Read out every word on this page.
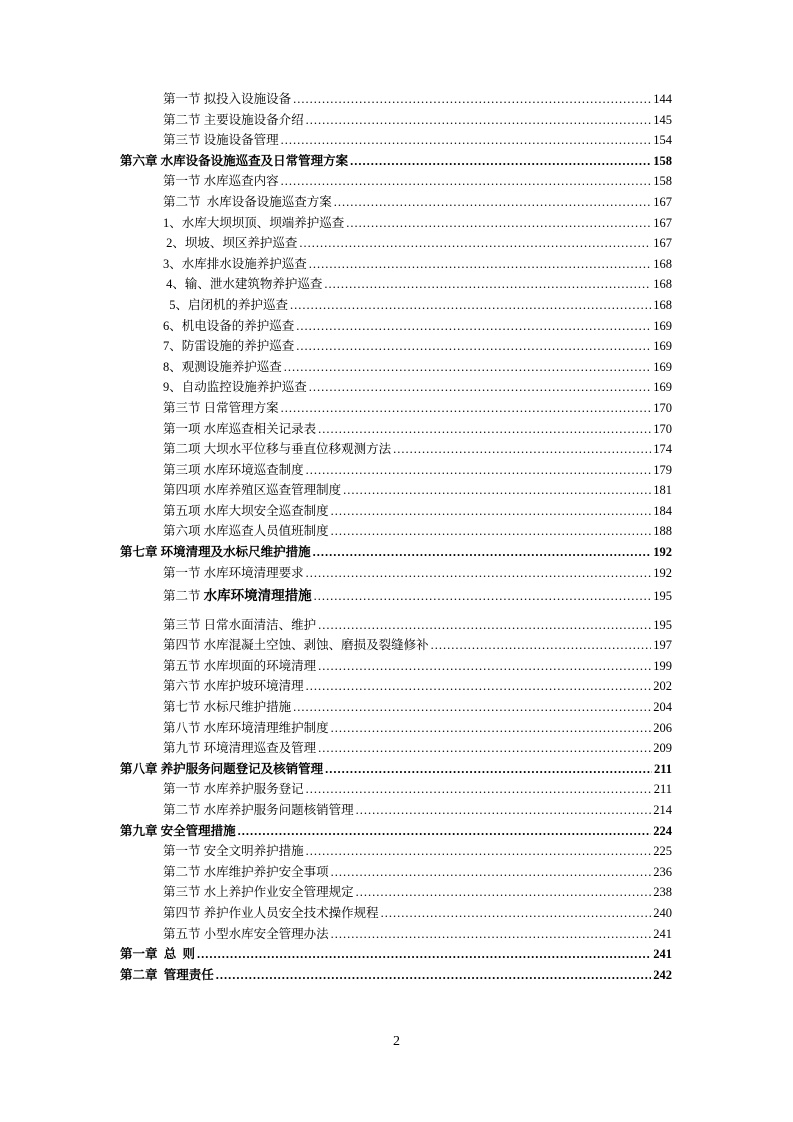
第一节 拟投入设施设备 .....	144
第二节 主要设施设备介绍 .....	145
第三节 设施设备管理 .....	154
第六章 水库设备设施巡查及日常管理方案 .....	158
第一节 水库巡查内容 .....	158
第二节  水库设备设施巡查方案 .....	167
1、水库大坝坝顶、坝端养护巡查 .....	167
2、坝坡、坝区养护巡查 .....	167
3、水库排水设施养护巡查 .....	168
4、输、泄水建筑物养护巡查 .....	168
5、启闭机的养护巡查 .....	168
6、机电设备的养护巡查 .....	169
7、防雷设施的养护巡查 .....	169
8、观测设施养护巡查 .....	169
9、自动监控设施养护巡查 .....	169
第三节 日常管理方案 .....	170
第一项 水库巡查相关记录表 .....	170
第二项 大坝水平位移与垂直位移观测方法 .....	174
第三项 水库环境巡查制度 .....	179
第四项 水库养殖区巡查管理制度 .....	181
第五项 水库大坝安全巡查制度 .....	184
第六项 水库巡查人员值班制度 .....	188
第七章 环境清理及水标尺维护措施 .....	192
第一节 水库环境清理要求 .....	192
第二节 水库环境清理措施 .....	195
第三节 日常水面清洁、维护 .....	195
第四节 水库混凝土空蚀、剥蚀、磨损及裂缝修补 .....	197
第五节 水库坝面的环境清理 .....	199
第六节 水库护坡环境清理 .....	202
第七节 水标尺维护措施 .....	204
第八节 水库环境清理维护制度 .....	206
第九节 环境清理巡查及管理 .....	209
第八章 养护服务问题登记及核销管理 .....	211
第一节 水库养护服务登记 .....	211
第二节 水库养护服务问题核销管理 .....	214
第九章 安全管理措施 .....	224
第一节 安全文明养护措施 .....	225
第二节 水库维护养护安全事项 .....	236
第三节 水上养护作业安全管理规定 .....	238
第四节 养护作业人员安全技术操作规程 .....	240
第五节 小型水库安全管理办法 .....	241
第一章  总  则 .....	241
第二章  管理责任 .....	242
2
